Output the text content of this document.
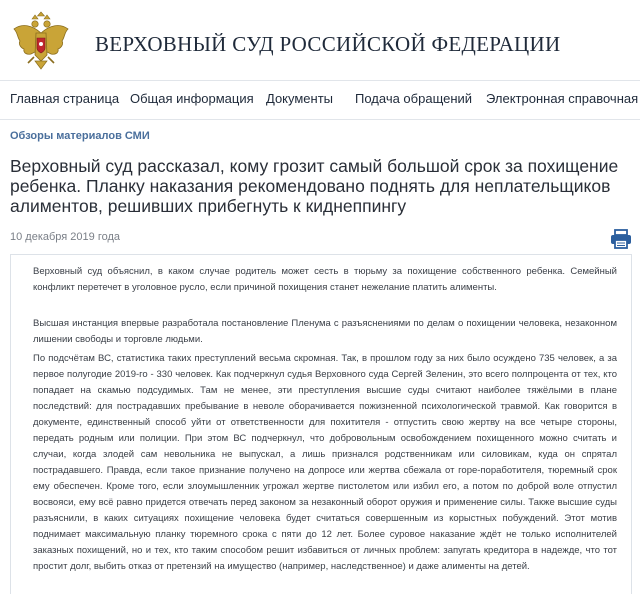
ВЕРХОВНЫЙ СУД РОССИЙСКОЙ ФЕДЕРАЦИИ
Главная страница Общая информация Документы Подача обращений Электронная справочная
Обзоры материалов СМИ
Верховный суд рассказал, кому грозит самый большой срок за похищение ребенка. Планку наказания рекомендовано поднять для неплательщиков алиментов, решивших прибегнуть к киднеппингу
10 декабря 2019 года

Верховный суд объяснил, в каком случае родитель может сесть в тюрьму за похищение собственного ребенка. Семейный конфликт перетечет в уголовное русло, если причиной похищения станет нежелание платить алименты.

Высшая инстанция впервые разработала постановление Пленума с разъяснениями по делам о похищении человека, незаконном лишении свободы и торговле людьми.

По подсчётам ВС, статистика таких преступлений весьма скромная. Так, в прошлом году за них было осуждено 735 человек, а за первое полугодие 2019-го - 330 человек. Как подчеркнул судья Верховного суда Сергей Зеленин, это всего полпроцента от тех, кто попадает на скамью подсудимых. Там не менее, эти преступления высшие суды считают наиболее тяжёлыми в плане последствий: для пострадавших пребывание в неволе оборачивается пожизненной психологической травмой. Как говорится в документе, единственный способ уйти от ответственности для похитителя - отпустить свою жертву на все четыре стороны, передать родным или полиции. При этом ВС подчеркнул, что добровольным освобождением похищенного можно считать и случаи, когда злодей сам невольника не выпускал, а лишь признался родственникам или силовикам, куда он спрятал пострадавшего. Правда, если такое признание получено на допросе или жертва сбежала от горе-поработителя, тюремный срок ему обеспечен. Кроме того, если злоумышленник угрожал жертве пистолетом или избил его, а потом по доброй воле отпустил восвояси, ему всё равно придется отвечать перед законом за незаконный оборот оружия и применение силы. Также высшие суды разъяснили, в каких ситуациях похищение человека будет считаться совершенным из корыстных побуждений. Этот мотив поднимает максимальную планку тюремного срока с пяти до 12 лет. Более суровое наказание ждёт не только исполнителей заказных похищений, но и тех, кто таким способом решит избавиться от личных проблем: запугать кредитора в надежде, что тот простит долг, выбить отказ от претензий на имущество (например, наследственное) и даже алименты на детей.
